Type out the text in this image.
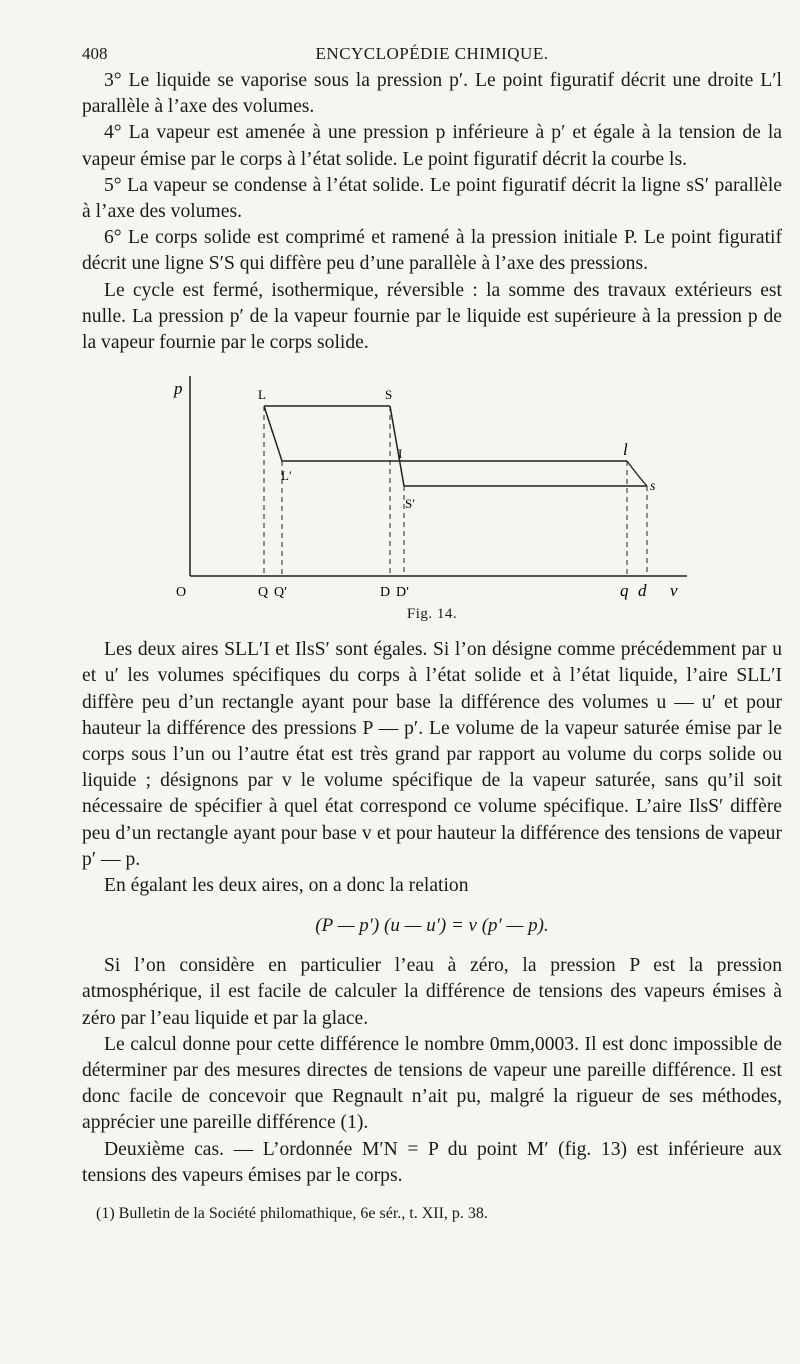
408	ENCYCLOPÉDIE CHIMIQUE.

3° Le liquide se vaporise sous la pression p′. Le point figuratif décrit une droite L′l parallèle à l’axe des volumes.

4° La vapeur est amenée à une pression p inférieure à p′ et égale à la tension de la vapeur émise par le corps à l’état solide. Le point figuratif décrit la courbe ls.

5° La vapeur se condense à l’état solide. Le point figuratif décrit la ligne sS′ parallèle à l’axe des volumes.

6° Le corps solide est comprimé et ramené à la pression initiale P. Le point figuratif décrit une ligne S′S qui diffère peu d’une parallèle à l’axe des pressions.

Le cycle est fermé, isothermique, réversible : la somme des travaux extérieurs est nulle. La pression p′ de la vapeur fournie par le liquide est supérieure à la pression p de la vapeur fournie par le corps solide.

p
O	v
L	S
L′
I
S′
l
s
Q Q′	D D′	q d
Fig. 14.

Les deux aires SLL′I et IlsS′ sont égales. Si l’on désigne comme précédemment par u et u′ les volumes spécifiques du corps à l’état solide et à l’état liquide, l’aire SLL′I diffère peu d’un rectangle ayant pour base la différence des volumes u — u′ et pour hauteur la différence des pressions P — p′. Le volume de la vapeur saturée émise par le corps sous l’un ou l’autre état est très grand par rapport au volume du corps solide ou liquide ; désignons par v le volume spécifique de la vapeur saturée, sans qu’il soit nécessaire de spécifier à quel état correspond ce volume spécifique. L’aire IlsS′ diffère peu d’un rectangle ayant pour base v et pour hauteur la différence des tensions de vapeur p′ — p.

En égalant les deux aires, on a donc la relation

(P — p′) (u — u′) = v (p′ — p).

Si l’on considère en particulier l’eau à zéro, la pression P est la pression atmosphérique, il est facile de calculer la différence de tensions des vapeurs émises à zéro par l’eau liquide et par la glace.

Le calcul donne pour cette différence le nombre 0mm,0003. Il est donc impossible de déterminer par des mesures directes de tensions de vapeur une pareille différence. Il est donc facile de concevoir que Regnault n’ait pu, malgré la rigueur de ses méthodes, apprécier une pareille différence (1).

Deuxième cas. — L’ordonnée M′N = P du point M′ (fig. 13) est inférieure aux tensions des vapeurs émises par le corps.

(1) Bulletin de la Société philomathique, 6e sér., t. XII, p. 38.
